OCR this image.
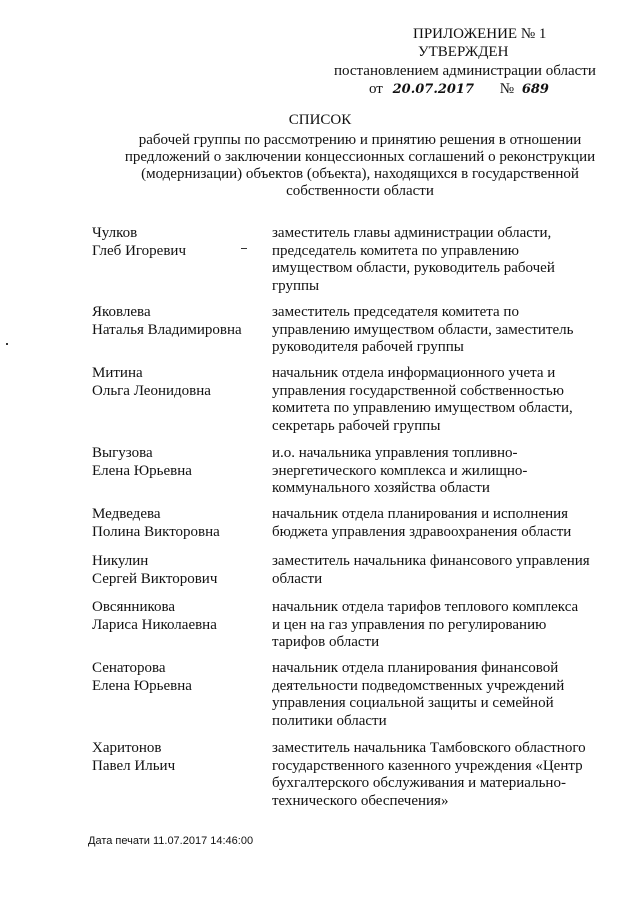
ПРИЛОЖЕНИЕ № 1
УТВЕРЖДЕН
постановлением администрации области
от 20.07.2017 № 689
СПИСОК
рабочей группы по рассмотрению и принятию решения в отношении
предложений о заключении концессионных соглашений о реконструкции
(модернизации) объектов (объекта), находящихся в государственной
собственности области
Чулков
Глеб Игоревич
заместитель главы администрации области,
председатель комитета по управлению
имуществом области, руководитель рабочей
группы
Яковлева
Наталья Владимировна
заместитель председателя комитета по
управлению имуществом области, заместитель
руководителя рабочей группы
Митина
Ольга Леонидовна
начальник отдела информационного учета и
управления государственной собственностью
комитета по управлению имуществом области,
секретарь рабочей группы
Выгузова
Елена Юрьевна
и.о. начальника управления топливно-
энергетического комплекса и жилищно-
коммунального хозяйства области
Медведева
Полина Викторовна
начальник отдела планирования и исполнения
бюджета управления здравоохранения области
Никулин
Сергей Викторович
заместитель начальника финансового управления
области
Овсянникова
Лариса Николаевна
начальник отдела тарифов теплового комплекса
и цен на газ управления по регулированию
тарифов области
Сенаторова
Елена Юрьевна
начальник отдела планирования финансовой
деятельности подведомственных учреждений
управления социальной защиты и семейной
политики области
Харитонов
Павел Ильич
заместитель начальника Тамбовского областного
государственного казенного учреждения «Центр
бухгалтерского обслуживания и материально-
технического обеспечения»
Дата печати 11.07.2017 14:46:00
